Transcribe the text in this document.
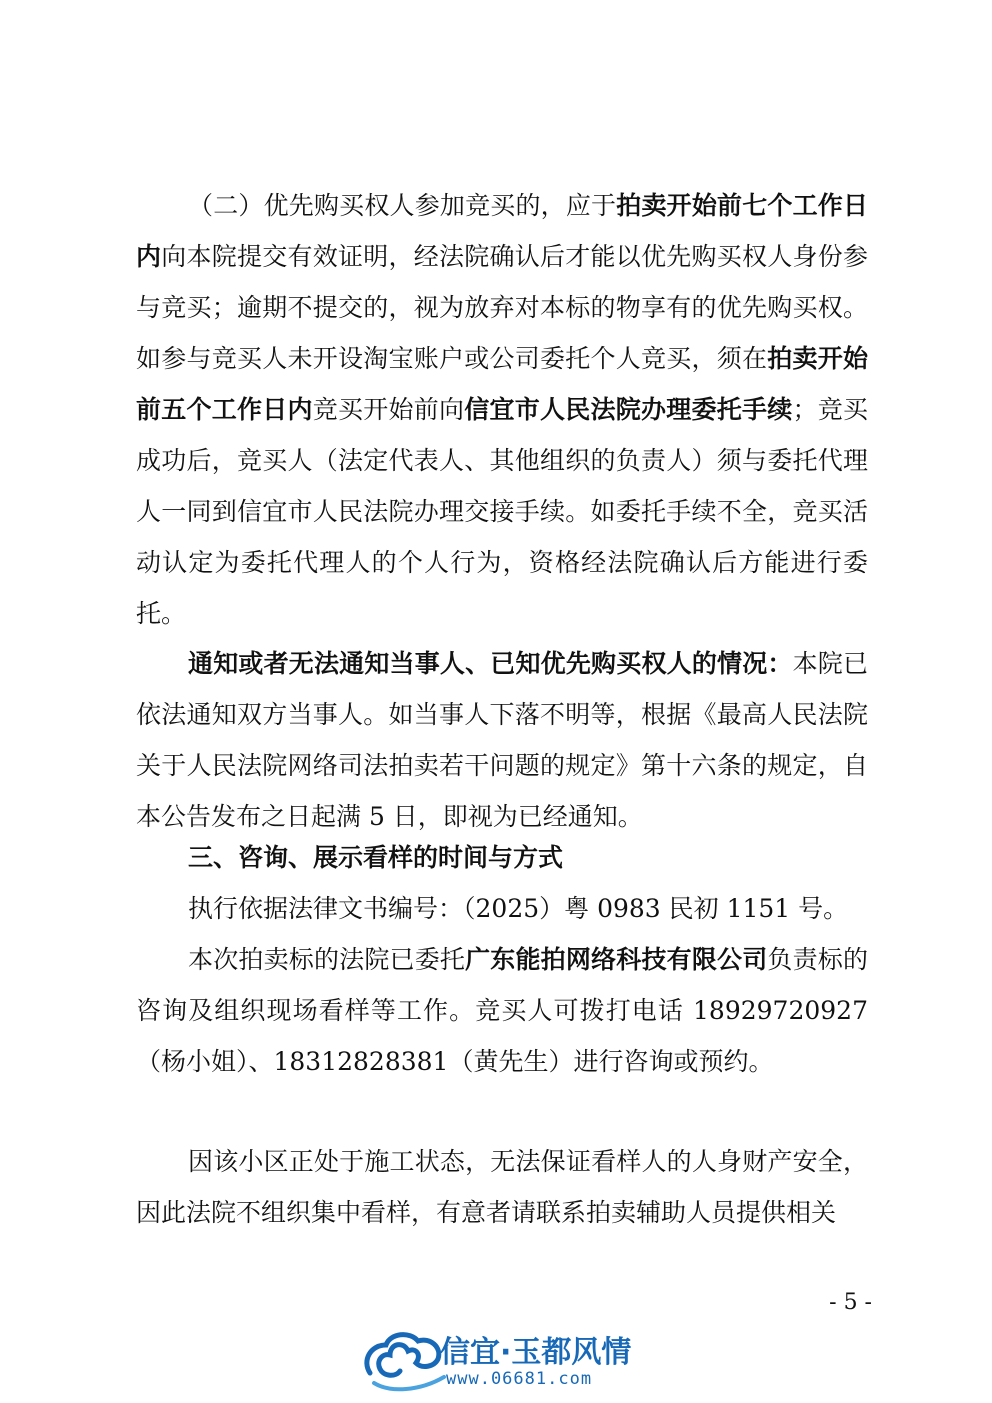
（二）优先购买权人参加竞买的，应于拍卖开始前七个工作日内向本院提交有效证明，经法院确认后才能以优先购买权人身份参与竞买；逾期不提交的，视为放弃对本标的物享有的优先购买权。如参与竞买人未开设淘宝账户或公司委托个人竞买，须在拍卖开始前五个工作日内竞买开始前向信宜市人民法院办理委托手续；竞买成功后，竞买人（法定代表人、其他组织的负责人）须与委托代理人一同到信宜市人民法院办理交接手续。如委托手续不全，竞买活动认定为委托代理人的个人行为，资格经法院确认后方能进行委托。

通知或者无法通知当事人、已知优先购买权人的情况：本院已依法通知双方当事人。如当事人下落不明等，根据《最高人民法院关于人民法院网络司法拍卖若干问题的规定》第十六条的规定，自本公告发布之日起满 5 日，即视为已经通知。

三、咨询、展示看样的时间与方式

执行依据法律文书编号：（2025）粤 0983 民初 1151 号。

本次拍卖标的法院已委托广东能拍网络科技有限公司负责标的咨询及组织现场看样等工作。竞买人可拨打电话 18929720927（杨小姐）、18312828381（黄先生）进行咨询或预约。

因该小区正处于施工状态，无法保证看样人的人身财产安全，因此法院不组织集中看样，有意者请联系拍卖辅助人员提供相关

- 5 -
信宜·玉都风情
www.06681.com
